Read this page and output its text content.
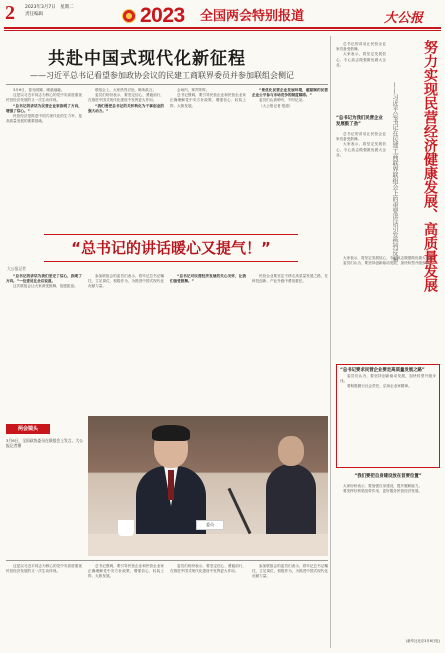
2	2023年3月7日　星期二
责任编辑	2023 全国两会特别报道	大公报
共赴中国式现代化新征程
——习近平总书记看望参加政协会议的民建工商联界委员并参加联组会侧记

3月6日，春光明媚，暖意融融。

这是以习近平同志为核心的党中央高度重视民营经济发展的又一次生动体现。

“总书记的讲话为民营企业家指明了方向，增强了信心。”

民营经济是推进中国式现代化的生力军，是高质量发展的重要基础。

联组会上，大家热烈讨论，畅所欲言。

委员们纷纷表示，要坚定信心、勇毅前行，在推进中国式现代化建设中发挥更大作用。

“我们要把总书记的关怀转化为干事创业的强大动力。”

会场内，掌声阵阵。

总书记强调，要引导民营企业和民营企业家正确理解党中央方针政策，增强信心、轻装上阵、大胆发展。

“要优化民营企业发展环境，破除制约民营企业公平参与市场竞争的制度障碍。”

委员们认真聆听，不时记录。

（大公报记者 报道）

“总书记的讲话暖心又提气！”
大公报记者

“总书记的讲话为我们坚定了信心，指明了方向。”一位委员在会后说道。

这次联组会让大家深受鼓舞，倍感振奋。

参加联组会的委员们表示，将牢记总书记嘱托，立足岗位，积极作为，为推进中国式现代化贡献力量。

“总书记对民营经济发展的关心关怀，让我们备受鼓舞。”

民营企业要坚定不移走高质量发展之路，在科技创新、产业升级中勇担重任。

委员
两会镜头
3月6日，全国政协委员在联组会上发言。大公报记者摄

这是以习近平同志为核心的党中央高度重视民营经济发展的又一次生动体现。

总书记强调，要引导民营企业和民营企业家正确理解党中央方针政策，增强信心、轻装上阵、大胆发展。

委员们纷纷表示，要坚定信心、勇毅前行，在推进中国式现代化建设中发挥更大作用。

参加联组会的委员们表示，将牢记总书记嘱托，立足岗位，积极作为，为推进中国式现代化贡献力量。

努力实现民营经济健康发展、高质量发展
——习近平总书记在民建工商联界联组会上的重要讲话引发热烈反响

总书记的讲话让民营企业家们备受鼓舞。

大家表示，将坚定发展信心，专心致志做强做优做大企业。

“总书记为我们民营企业发展鼓了劲”

总书记的讲话让民营企业家们备受鼓舞。

大家表示，将坚定发展信心，专心致志做强做优做大企业。

大家表示，将坚定发展信心，专心致志做强做优做大企业。

委员们认为，要坚持创新驱动发展，加快转型升级步伐。

“总书记要求民营企业要走高质量发展之路”

委员们认为，要坚持创新驱动发展，加快转型升级步伐。

要积极履行社会责任，弘扬企业家精神。

“我们要把自身建设放在首要位置”

大家纷纷表示，要加强自身建设，提升履职能力。

要发挥好桥梁纽带作用，更好服务民营经济发展。

(新华社北京3月6日电)
